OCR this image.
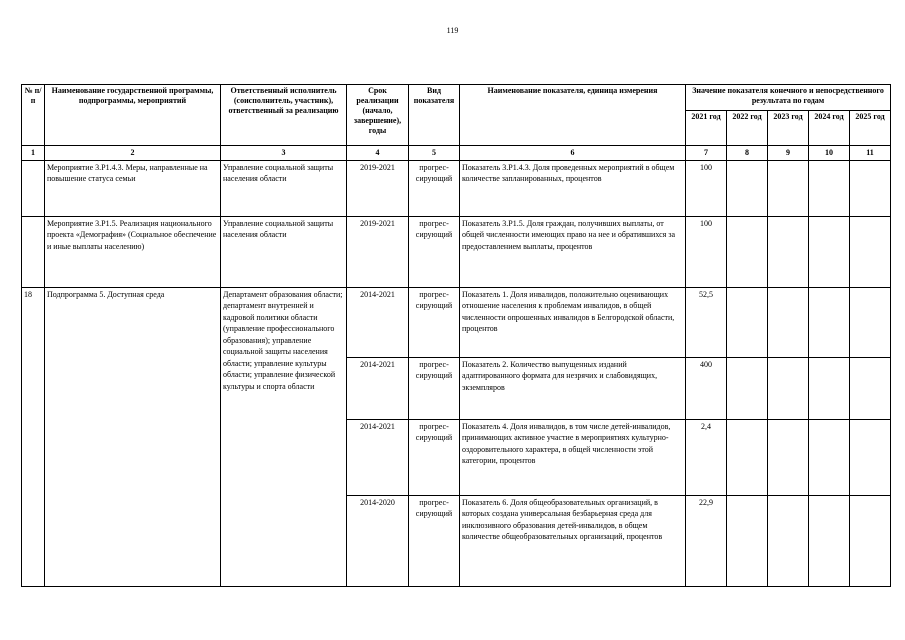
119
№ п/п	Наименование государственной программы, подпрограммы, мероприятий	Ответственный исполнитель (соисполнитель, участник), ответственный за реализацию	Срок реализации (начало, завершение), годы	Вид показателя	Наименование показателя, единица измерения	Значение показателя конечного и непосредственного результата по годам				
						2021 год	2022 год	2023 год	2024 год	2025 год
1	2	3	4	5	6	7	8	9	10	11
	Мероприятие 3.Р1.4.3. Меры, направленные на повышение статуса семьи	Управление социальной защиты населения области	2019-2021	прогрес-сирующий	Показатель 3.Р1.4.3. Доля проведенных мероприятий в общем количестве запланированных, процентов	100				
	Мероприятие 3.Р1.5. Реализация национального проекта «Демография» (Социальное обеспечение и иные выплаты населению)	Управление социальной защиты населения области	2019-2021	прогрес-сирующий	Показатель 3.Р1.5. Доля граждан, получивших выплаты, от общей численности имеющих право на нее и обратившихся за предоставлением выплаты, процентов	100				
18	Подпрограмма 5. Доступная среда	Департамент образования области; департамент внутренней и кадровой политики области (управление профессионального образования); управление социальной защиты населения области; управление культуры области; управление физической культуры и спорта области	2014-2021	прогрес-сирующий	Показатель 1. Доля инвалидов, положительно оценивающих отношение населения к проблемам инвалидов, в общей численности опрошенных инвалидов в Белгородской области, процентов	52,5				
			2014-2021	прогрес-сирующий	Показатель 2. Количество выпущенных изданий адаптированного формата для незрячих и слабовидящих, экземпляров	400				
			2014-2021	прогрес-сирующий	Показатель 4. Доля инвалидов, в том числе детей-инвалидов, принимающих активное участие в мероприятиях культурно-оздоровительного характера, в общей численности этой категории, процентов	2,4				
			2014-2020	прогрес-сирующий	Показатель 6. Доля общеобразовательных организаций, в которых создана универсальная безбарьерная среда для инклюзивного образования детей-инвалидов, в общем количестве общеобразовательных организаций, процентов	22,9				
